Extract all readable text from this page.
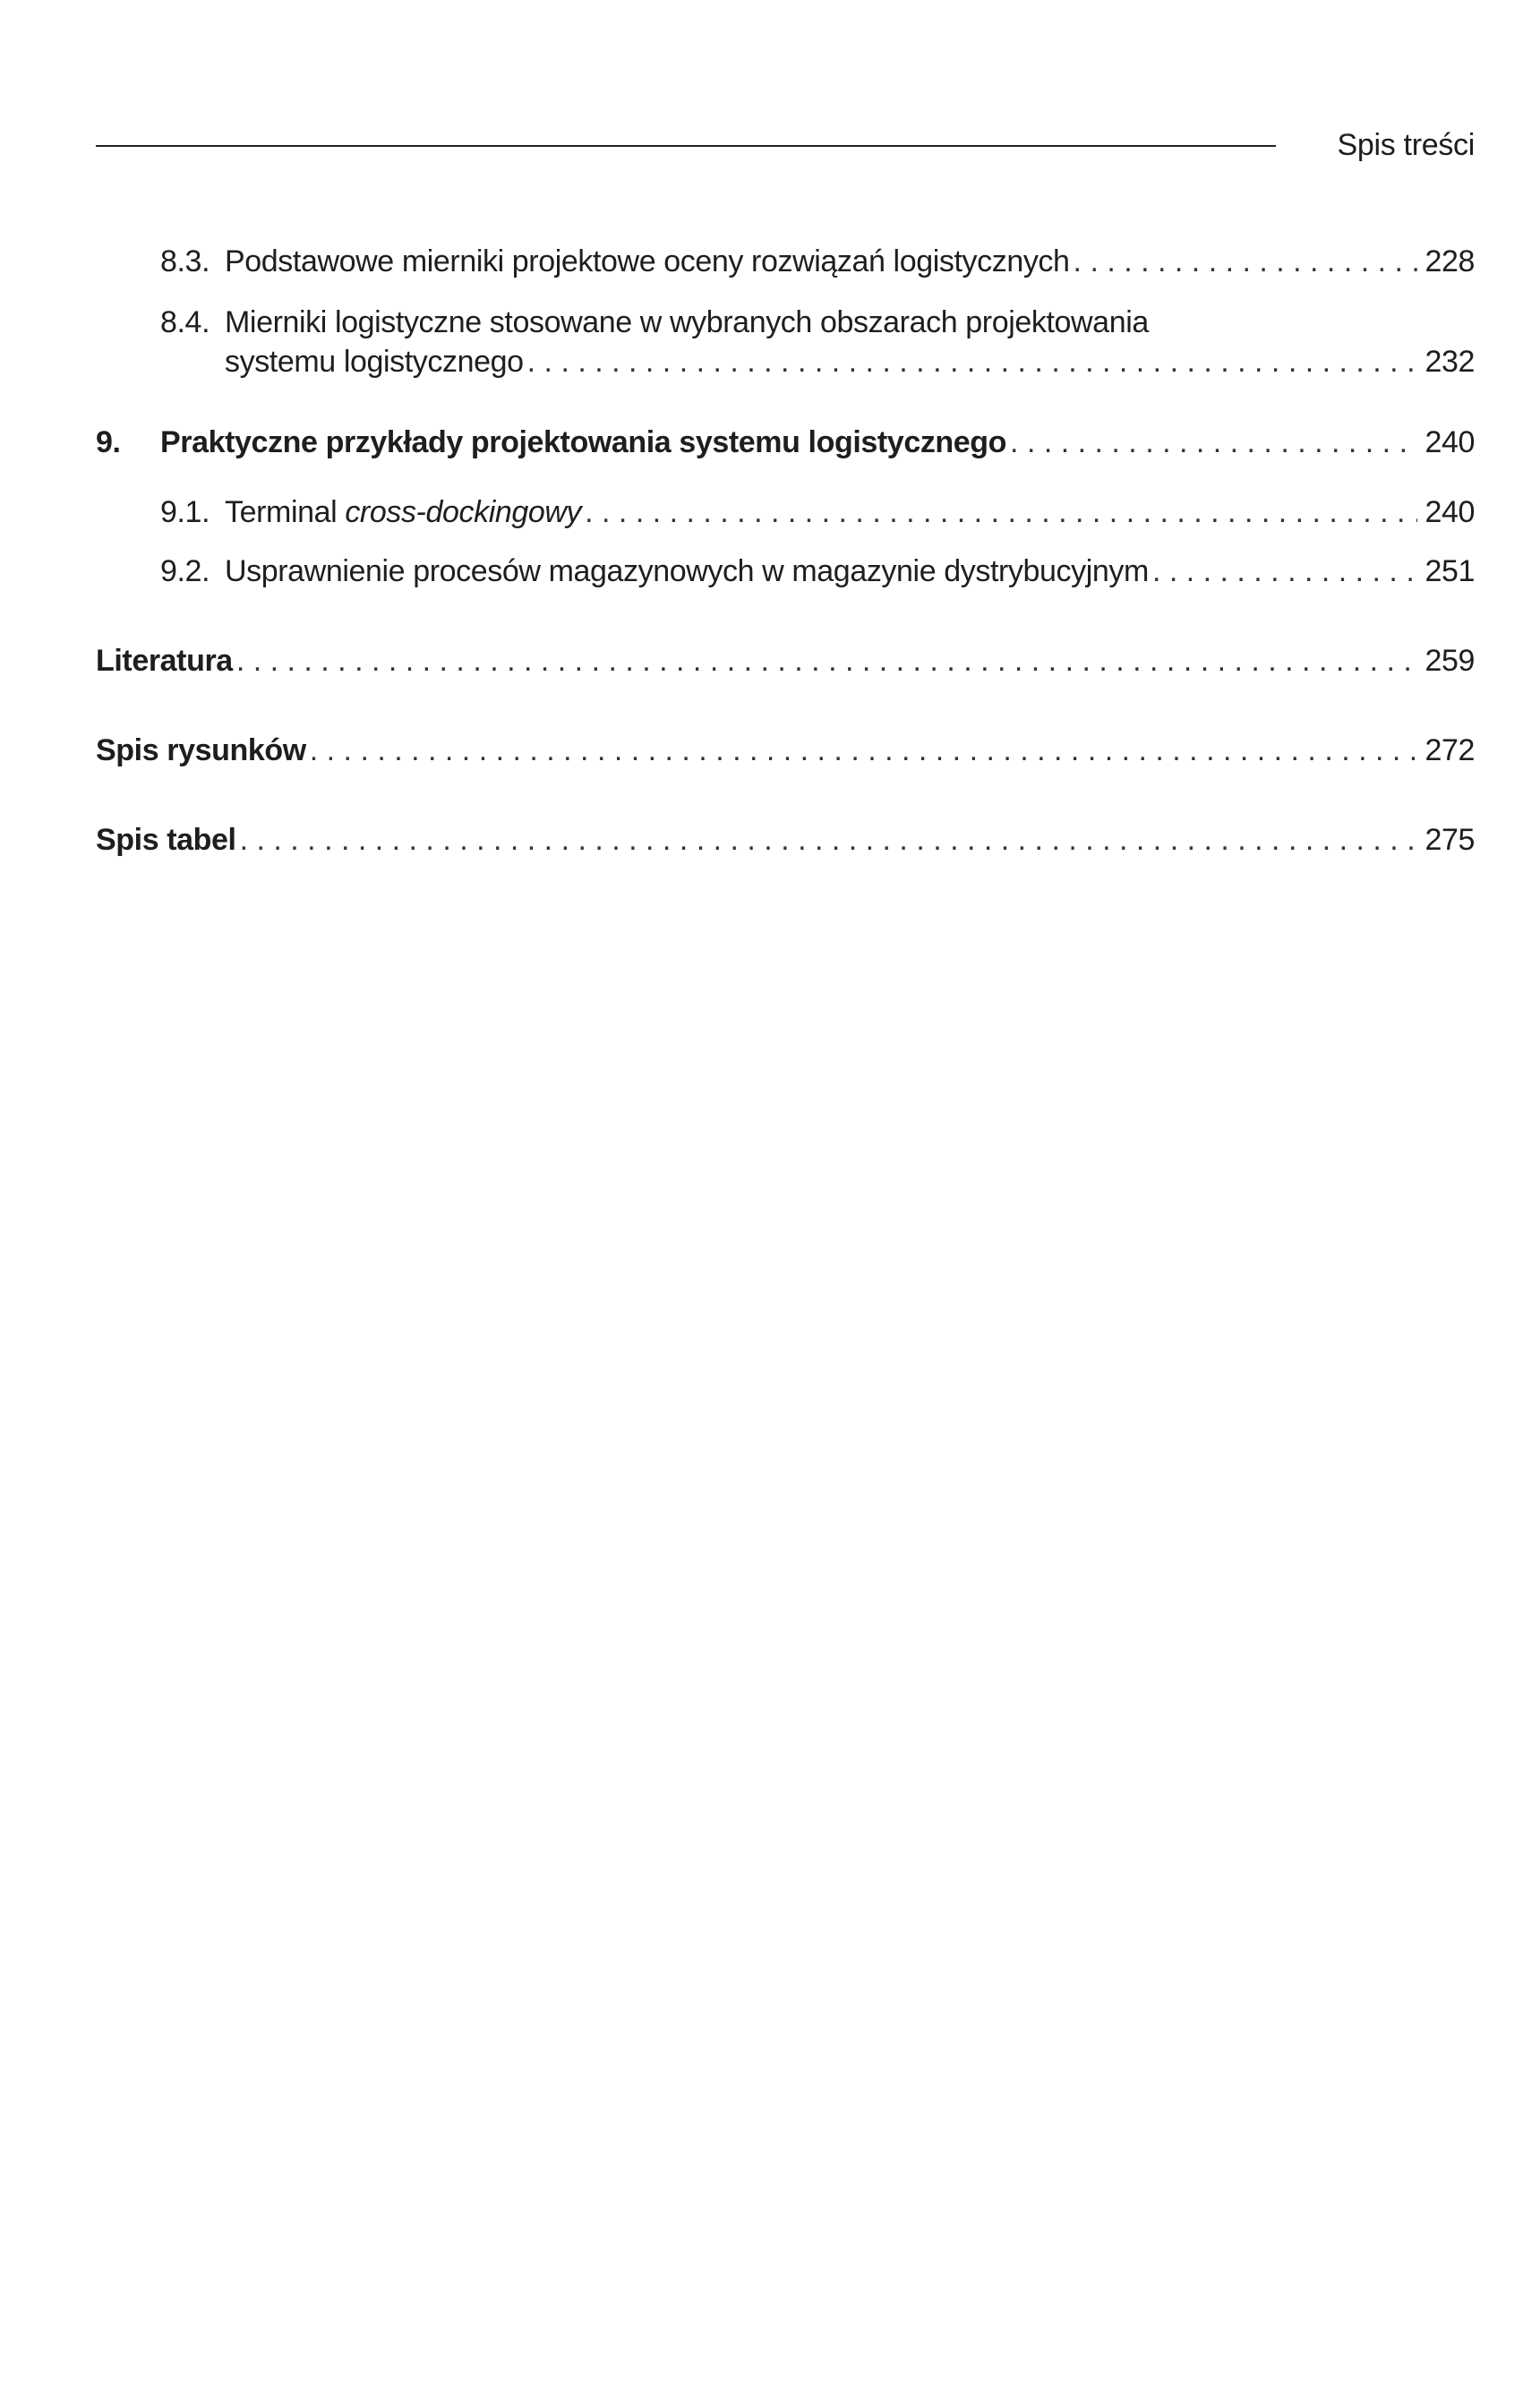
Spis treści
8.3. Podstawowe mierniki projektowe oceny rozwiązań logistycznych . . .	228
8.4. Mierniki logistyczne stosowane w wybranych obszarach projektowania
systemu logistycznego . . .	232
9.	Praktyczne przykłady projektowania systemu logistycznego . . .	240
9.1. Terminal cross-dockingowy . . .	240
9.2. Usprawnienie procesów magazynowych w magazynie dystrybucyjnym . . .	251
Literatura . . .	259
Spis rysunków . . .	272
Spis tabel . . .	275
